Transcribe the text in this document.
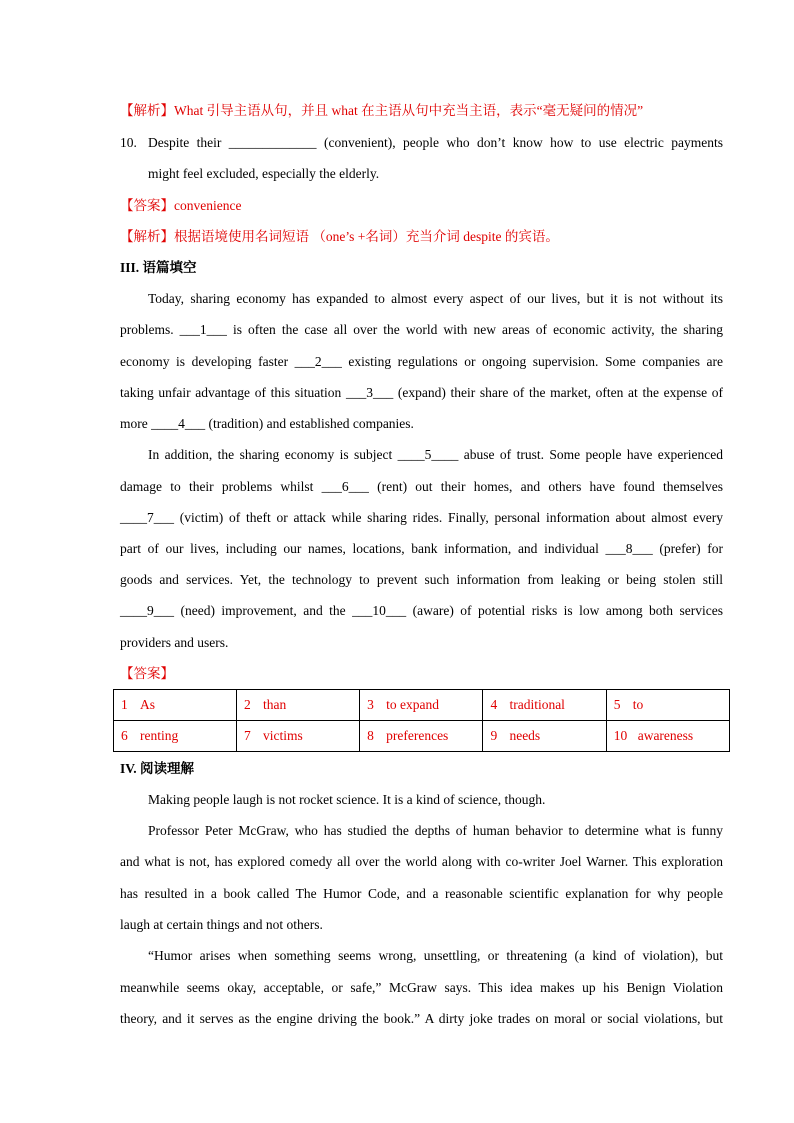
【解析】What 引导主语从句，并且 what 在主语从句中充当主语，表示“毫无疑问的情况”
10. Despite their _____________ (convenient), people who don’t know how to use electric payments
might feel excluded, especially the elderly.
【答案】convenience
【解析】根据语境使用名词短语 （one’s +名词）充当介词 despite 的宾语。
III. 语篇填空
Today, sharing economy has expanded to almost every aspect of our lives, but it is not without its
problems. ___1___ is often the case all over the world with new areas of economic activity, the sharing
economy is developing faster ___2___ existing regulations or ongoing supervision. Some companies are
taking unfair advantage of this situation ___3___ (expand) their share of the market, often at the expense of
more ____4___ (tradition) and established companies.
In addition, the sharing economy is subject ____5____ abuse of trust. Some people have experienced
damage to their problems whilst ___6___ (rent) out their homes, and others have found themselves
____7___ (victim) of theft or attack while sharing rides. Finally, personal information about almost every
part of our lives, including our names, locations, bank information, and individual ___8___ (prefer) for
goods and services. Yet, the technology to prevent such information from leaking or being stolen still
____9___ (need) improvement, and the ___10___ (aware) of potential risks is low among both services
providers and users.
【答案】
1 As	2 than	3 to expand	4 traditional	5 to
6 renting	7 victims	8 preferences	9 needs	10 awareness
IV. 阅读理解
Making people laugh is not rocket science. It is a kind of science, though.
Professor Peter McGraw, who has studied the depths of human behavior to determine what is funny
and what is not, has explored comedy all over the world along with co-writer Joel Warner. This exploration
has resulted in a book called The Humor Code, and a reasonable scientific explanation for why people
laugh at certain things and not others.
“Humor arises when something seems wrong, unsettling, or threatening (a kind of violation), but
meanwhile seems okay, acceptable, or safe,” McGraw says. This idea makes up his Benign Violation
theory, and it serves as the engine driving the book.” A dirty joke trades on moral or social violations, but
